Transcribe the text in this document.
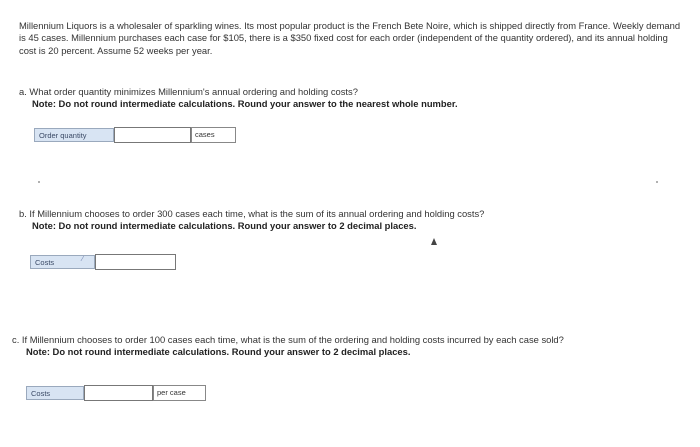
Millennium Liquors is a wholesaler of sparkling wines. Its most popular product is the French Bete Noire, which is shipped directly from France. Weekly demand is 45 cases. Millennium purchases each case for $105, there is a $350 fixed cost for each order (independent of the quantity ordered), and its annual holding cost is 20 percent. Assume 52 weeks per year.
a. What order quantity minimizes Millennium's annual ordering and holding costs?
Note: Do not round intermediate calculations. Round your answer to the nearest whole number.
Order quantity	cases
b. If Millennium chooses to order 300 cases each time, what is the sum of its annual ordering and holding costs?
Note: Do not round intermediate calculations. Round your answer to 2 decimal places.
Costs	⁄
c. If Millennium chooses to order 100 cases each time, what is the sum of the ordering and holding costs incurred by each case sold?
Note: Do not round intermediate calculations. Round your answer to 2 decimal places.
Costs	per case
